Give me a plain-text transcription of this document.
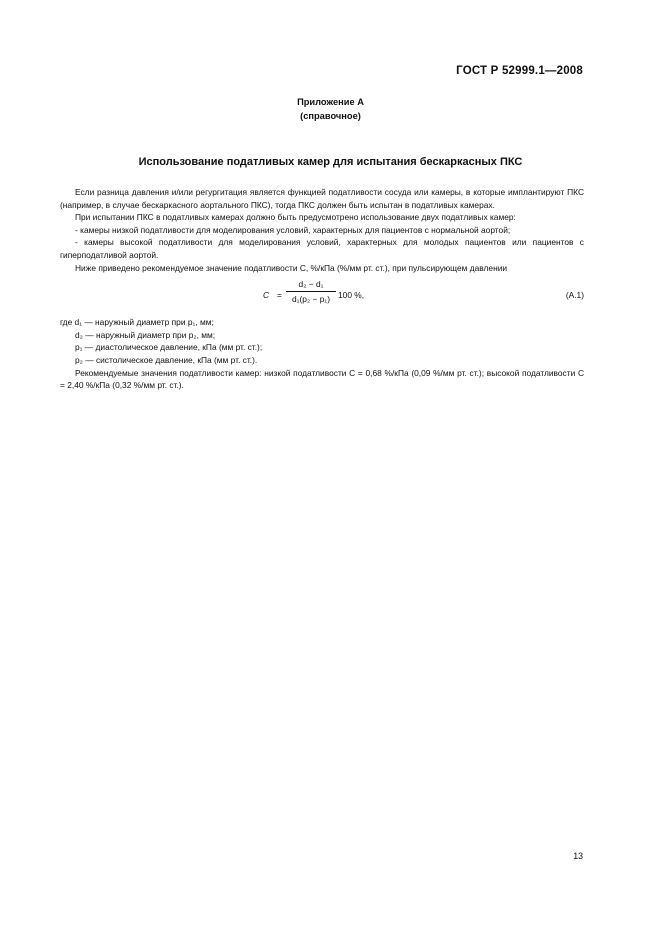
ГОСТ Р 52999.1—2008
Приложение А
(справочное)
Использование податливых камер для испытания бескаркасных ПКС

Если разница давления и/или регургитация является функцией податливости сосуда или камеры, в которые имплантируют ПКС (например, в случае бескаркасного аортального ПКС), тогда ПКС должен быть испытан в податливых камерах.

При испытании ПКС в податливых камерах должно быть предусмотрено использование двух податливых камер:

- камеры низкой податливости для моделирования условий, характерных для пациентов с нормальной аортой;

- камеры высокой податливости для моделирования условий, характерных для молодых пациентов или пациентов с гиперподатливой аортой.

Ниже приведено рекомендуемое значение податливости C, %/кПа (%/мм рт. ст.), при пульсирующем давлении

$C = \frac{\text{d₂ − d₁}}{\text{d₁(p₂ − p₁)}} 100$ %,	(А.1)

где d₁ — наружный диаметр при p₁, мм;

d₂ — наружный диаметр при p₂, мм;

p₁ — диастолическое давление, кПа (мм рт. ст.);

p₂ — систолическое давление, кПа (мм рт. ст.).

Рекомендуемые значения податливости камер: низкой податливости C = 0,68 %/кПа (0,09 %/мм рт. ст.); высокой податливости C = 2,40 %/кПа (0,32 %/мм рт. ст.).

13
